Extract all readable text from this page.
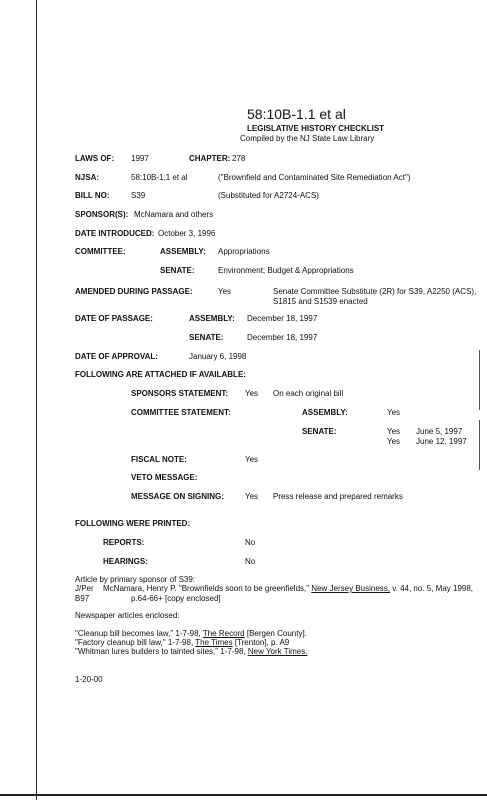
58:10B-1.1 et al
LEGISLATIVE HISTORY CHECKLIST
Compiled by the NJ State Law Library
LAWS OF: 1997	CHAPTER: 278
NJSA:	58:10B-1.1 et al	("Brownfield and Contaminated Site Remediation Act")
BILL NO:	S39	(Substituted for A2724-ACS)
SPONSOR(S): McNamara and others
DATE INTRODUCED: October 3, 1996
COMMITTEE:	ASSEMBLY: Appropriations
SENATE:	Environment; Budget & Appropriations
AMENDED DURING PASSAGE:	Yes	Senate Committee Substitute (2R) for S39, A2250 (ACS),
S1815 and S1539 enacted
DATE OF PASSAGE:	ASSEMBLY: December 18, 1997
SENATE:	December 18, 1997
DATE OF APPROVAL:	January 6, 1998
FOLLOWING ARE ATTACHED IF AVAILABLE:
SPONSORS STATEMENT: Yes On each original bill
COMMITTEE STATEMENT:	ASSEMBLY:	Yes
SENATE:	Yes June 5, 1997
Yes June 12, 1997
FISCAL NOTE:	Yes
VETO MESSAGE:
MESSAGE ON SIGNING:	Yes Press release and prepared remarks
FOLLOWING WERE PRINTED:
REPORTS:	No
HEARINGS:	No
Article by primary sponsor of S39:
J/Per McNamara, Henry P. "Brownfields soon to be greenfields," New Jersey Business, v. 44, no. 5, May 1998,
B97	p.64-66+ [copy enclosed]
Newspaper articles enclosed:
"Cleanup bill becomes law," 1-7-98, The Record [Bergen County].
"Factory cleanup bill law," 1-7-98, The Times [Trenton], p. A9
"Whitman lures builders to tainted sites," 1-7-98, New York Times.
1-20-00
